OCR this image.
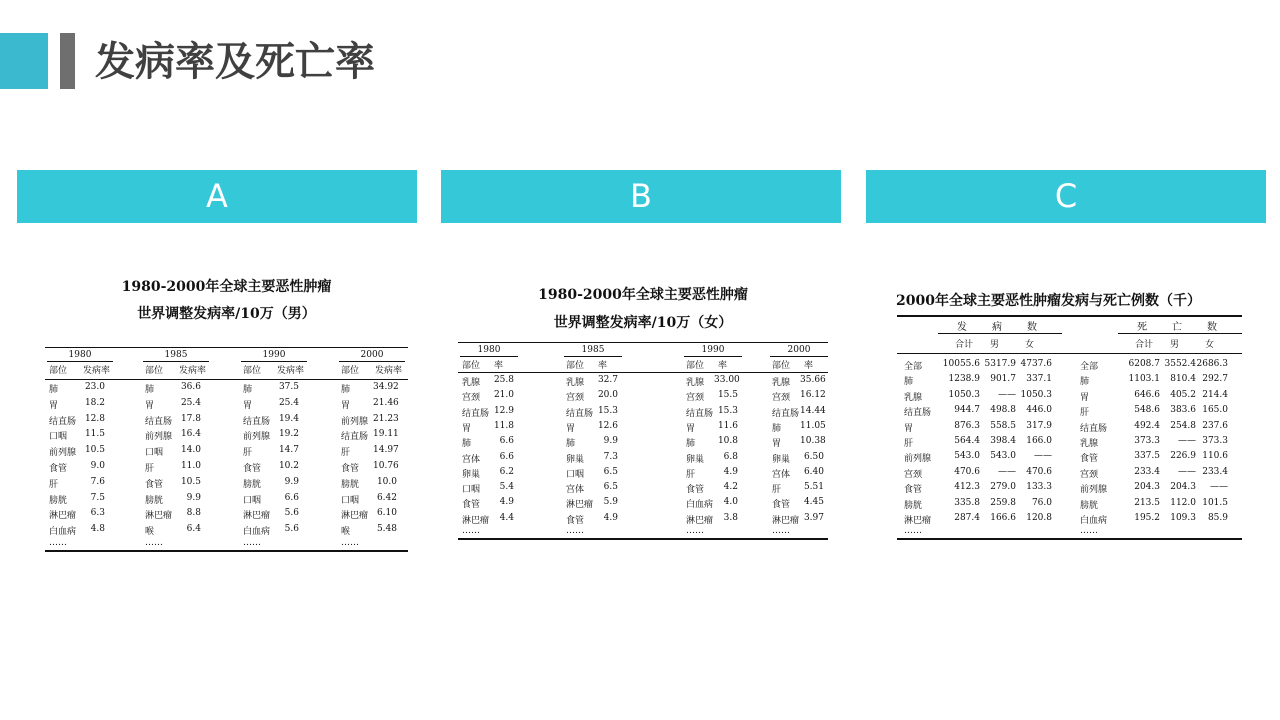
发病率及死亡率
A	B	C
1980-2000年全球主要恶性肿瘤
世界调整发病率/10万（男）
1980
部位 发病率
肺	23.0
胃	18.2
结直肠 12.8
口咽	11.5
前列腺 10.5
食管	9.0
肝	7.6
膀胱	7.5
淋巴瘤	6.3
白血病	4.8
……
1985
部位 发病率
肺	36.6
胃	25.4
结直肠 17.8
前列腺 16.4
口咽	14.0
肝	11.0
食管	10.5
膀胱	9.9
淋巴瘤	8.8
喉	6.4
……
1990
部位 发病率
肺	37.5
胃	25.4
结直肠 19.4
前列腺 19.2
肝	14.7
食管	10.2
膀胱	9.9
口咽	6.6
淋巴瘤	5.6
白血病	5.6
……
2000
部位 发病率
肺	34.92
胃	21.46
前列腺 21.23
结直肠 19.11
肝	14.97
食管 10.76
膀胱	10.0
口咽	6.42
淋巴瘤 6.10
喉	5.48
……
1980-2000年全球主要恶性肿瘤
世界调整发病率/10万（女）
1980
部位 率
乳腺	25.8
宫颈	21.0
结直肠 12.9
胃	11.8
肺	6.6
宫体	6.6
卵巢	6.2
口咽	5.4
食管	4.9
淋巴瘤	4.4
……
1985
部位 率
乳腺	32.7
宫颈	20.0
结直肠 15.3
胃	12.6
肺	9.9
卵巢	7.3
口咽	6.5
宫体	6.5
淋巴瘤	5.9
食管	4.9
……
1990
部位 率
乳腺 33.00
宫颈	15.5
结直肠 15.3
胃	11.6
肺	10.8
卵巢	6.8
肝	4.9
食管	4.2
白血病	4.0
淋巴瘤	3.8
……
2000
部位 率
乳腺 35.66
宫颈 16.12
结直肠 14.44
肺 11.05
胃 10.38
卵巢	6.50
宫体	6.40
肝	5.51
食管	4.45
淋巴瘤 3.97
……
2000年全球主要恶性肿瘤发病与死亡例数（千）
发	病	数	死	亡	数
合计 男	女	合计 男	女
全部	10055.6 5317.9 4737.6
肺	1238.9	901.7	337.1
乳腺	1050.3	—— 1050.3
结直肠	944.7	498.8	446.0
胃	876.3	558.5	317.9
肝	564.4	398.4	166.0
前列腺	543.0	543.0	——
宫颈	470.6	——	470.6
食管	412.3	279.0	133.3
膀胱	335.8	259.8	76.0
淋巴瘤	287.4	166.6	120.8
全部	6208.7 3552.4 2686.3
肺	1103.1	810.4 292.7
胃	646.6	405.2 214.4
肝	548.6	383.6 165.0
结直肠	492.4	254.8 237.6
乳腺	373.3	—— 373.3
食管	337.5	226.9 110.6
宫颈	233.4	—— 233.4
前列腺	204.3	204.3	——
膀胱	213.5	112.0 101.5
白血病	195.2	109.3	85.9
……	……
